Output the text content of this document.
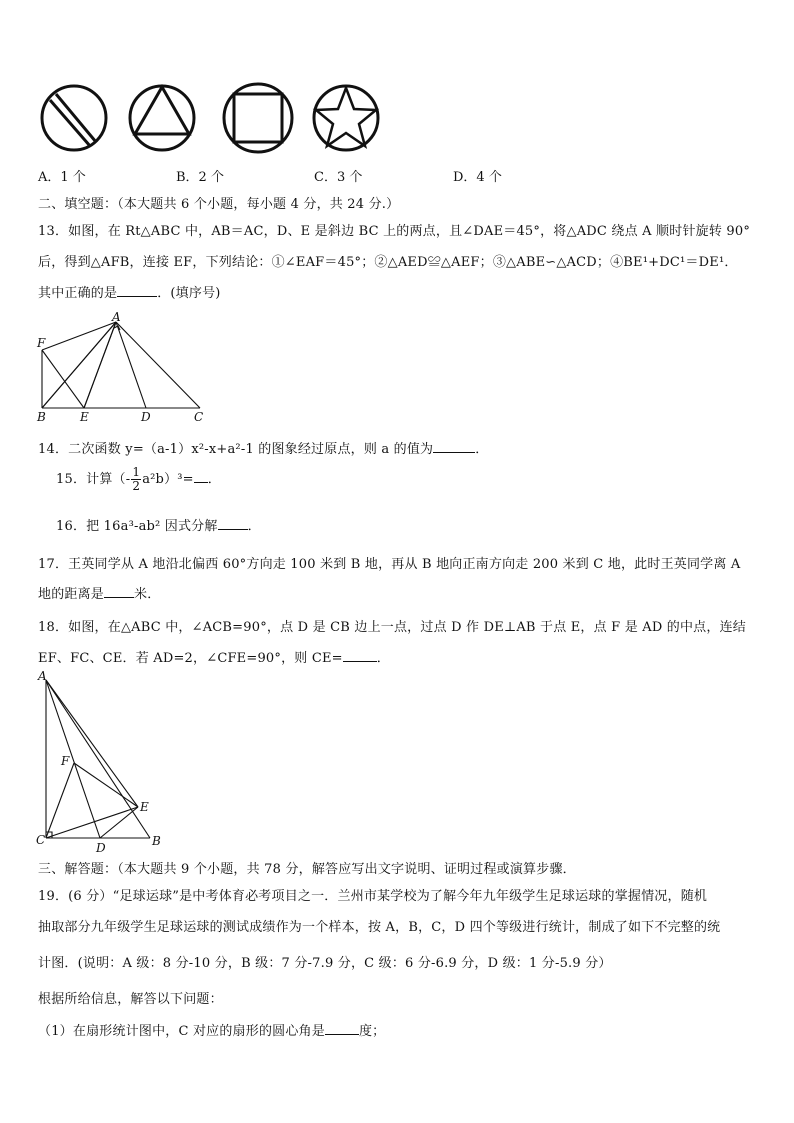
A．1 个	B．2 个	C．3 个	D．4 个
二、填空题：（本大题共 6 个小题，每小题 4 分，共 24 分.）
13．如图，在 Rt△ABC 中，AB＝AC，D、E 是斜边 BC 上的两点，且∠DAE＝45°，将△ADC 绕点 A 顺时针旋转 90°
后，得到△AFB，连接 EF，下列结论：①∠EAF＝45°；②△AED≌△AEF；③△ABE∽△ACD；④BE¹+DC¹＝DE¹．
其中正确的是	．(填序号)
A
F
B	E	D	C
14．二次函数 y=（a-1）x²-x+a²-1 的图象经过原点，则 a 的值为	．
15．计算（- $\frac{1}{2} a^2b)^3=$ ．
16．把 16a³-ab² 因式分解 ．
17．王英同学从 A 地沿北偏西 60°方向走 100 米到 B 地，再从 B 地向正南方向走 200 米到 C 地，此时王英同学离 A
地的距离是 米．
18．如图，在△ABC 中，∠ACB=90°，点 D 是 CB 边上一点，过点 D 作 DE⊥AB 于点 E，点 F 是 AD 的中点，连结
EF、FC、CE．若 AD=2，∠CFE=90°，则 CE=	．
A
F
E
C
D	B
三、解答题：（本大题共 9 个小题，共 78 分，解答应写出文字说明、证明过程或演算步骤．
19．(6 分）“足球运球”是中考体育必考项目之一．兰州市某学校为了解今年九年级学生足球运球的掌握情况，随机
抽取部分九年级学生足球运球的测试成绩作为一个样本，按 A，B，C，D 四个等级进行统计，制成了如下不完整的统
计图．(说明：A 级：8 分-10 分，B 级：7 分-7.9 分，C 级：6 分-6.9 分，D 级：1 分-5.9 分）
根据所给信息，解答以下问题：
（1）在扇形统计图中，C 对应的扇形的圆心角是	度；
